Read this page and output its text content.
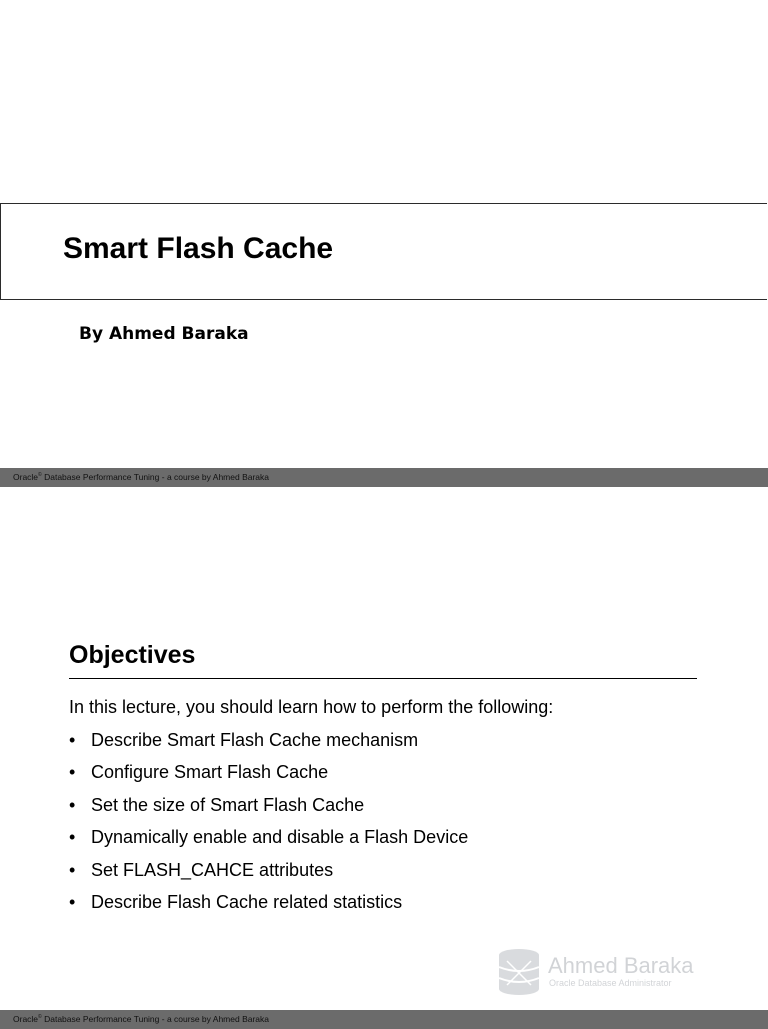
Smart Flash Cache
By Ahmed Baraka
Oracle© Database Performance Tuning - a course by Ahmed Baraka
Objectives
In this lecture, you should learn how to perform the following:
• Describe Smart Flash Cache mechanism
• Configure Smart Flash Cache
• Set the size of Smart Flash Cache
• Dynamically enable and disable a Flash Device
• Set FLASH_CAHCE attributes
• Describe Flash Cache related statistics
Ahmed Baraka
Oracle Database Administrator
Oracle© Database Performance Tuning - a course by Ahmed Baraka
